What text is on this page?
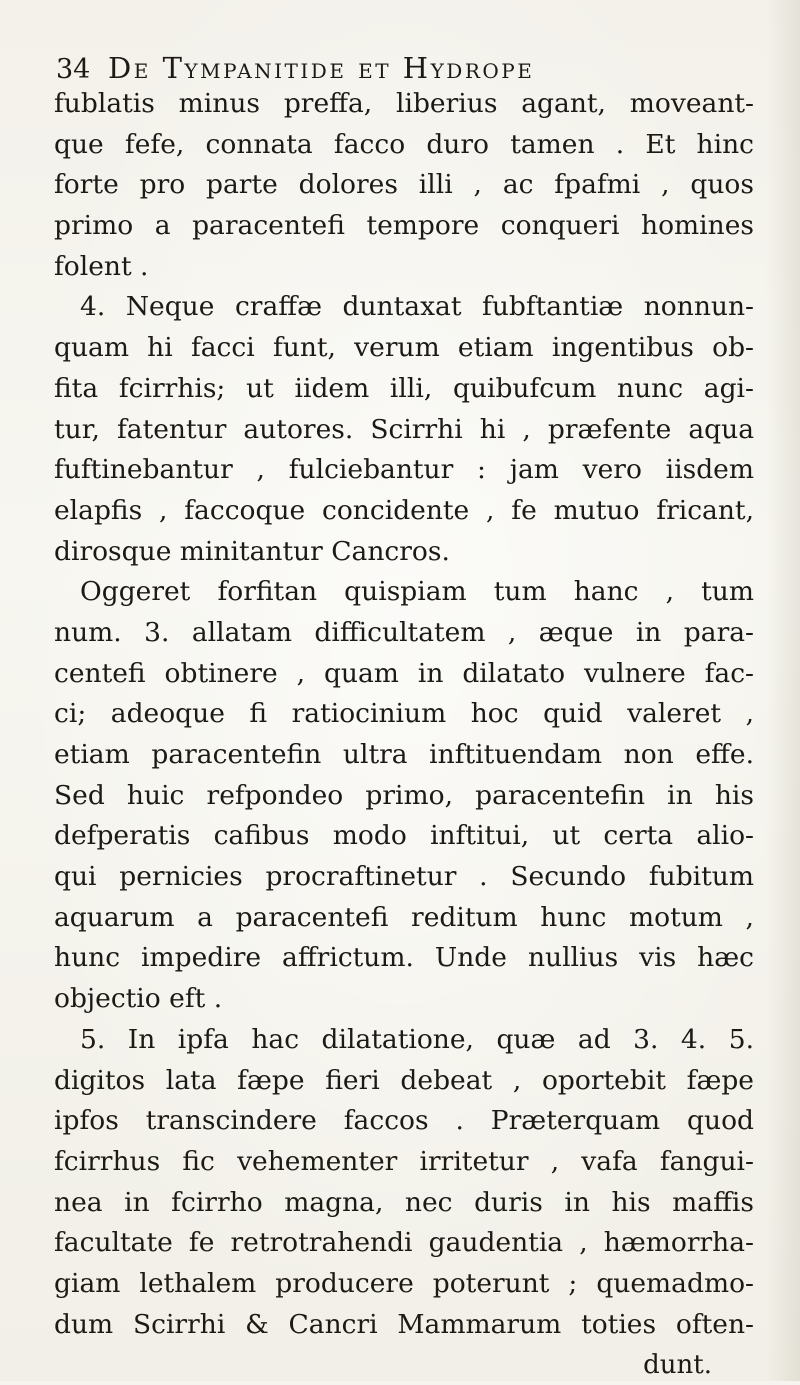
34 De Tympanitide et Hydrope
fublatis minus preffa, liberius agant, moveant-
que fefe, connata facco duro tamen . Et hinc
forte pro parte dolores illi , ac fpafmi , quos
primo a paracentefi tempore conqueri homines
folent .
4. Neque craffæ duntaxat fubftantiæ nonnun-
quam hi facci funt, verum etiam ingentibus ob-
fita fcirrhis; ut iidem illi, quibufcum nunc agi-
tur, fatentur autores. Scirrhi hi , præfente aqua
fuftinebantur , fulciebantur : jam vero iisdem
elapfis , faccoque concidente , fe mutuo fricant,
dirosque minitantur Cancros.
Oggeret forfitan quispiam tum hanc , tum
num. 3. allatam difficultatem , æque in para-
centefi obtinere , quam in dilatato vulnere fac-
ci; adeoque fi ratiocinium hoc quid valeret ,
etiam paracentefin ultra inftituendam non effe.
Sed huic refpondeo primo, paracentefin in his
defperatis cafibus modo inftitui, ut certa alio-
qui pernicies procraftinetur . Secundo fubitum
aquarum a paracentefi reditum hunc motum ,
hunc impedire affrictum. Unde nullius vis hæc
objectio eft .
5. In ipfa hac dilatatione, quæ ad 3. 4. 5.
digitos lata fæpe fieri debeat , oportebit fæpe
ipfos transcindere faccos . Præterquam quod
fcirrhus fic vehementer irritetur , vafa fangui-
nea in fcirrho magna, nec duris in his maffis
facultate fe retrotrahendi gaudentia , hæmorrha-
giam lethalem producere poterunt ; quemadmo-
dum Scirrhi & Cancri Mammarum toties often-
dunt.
